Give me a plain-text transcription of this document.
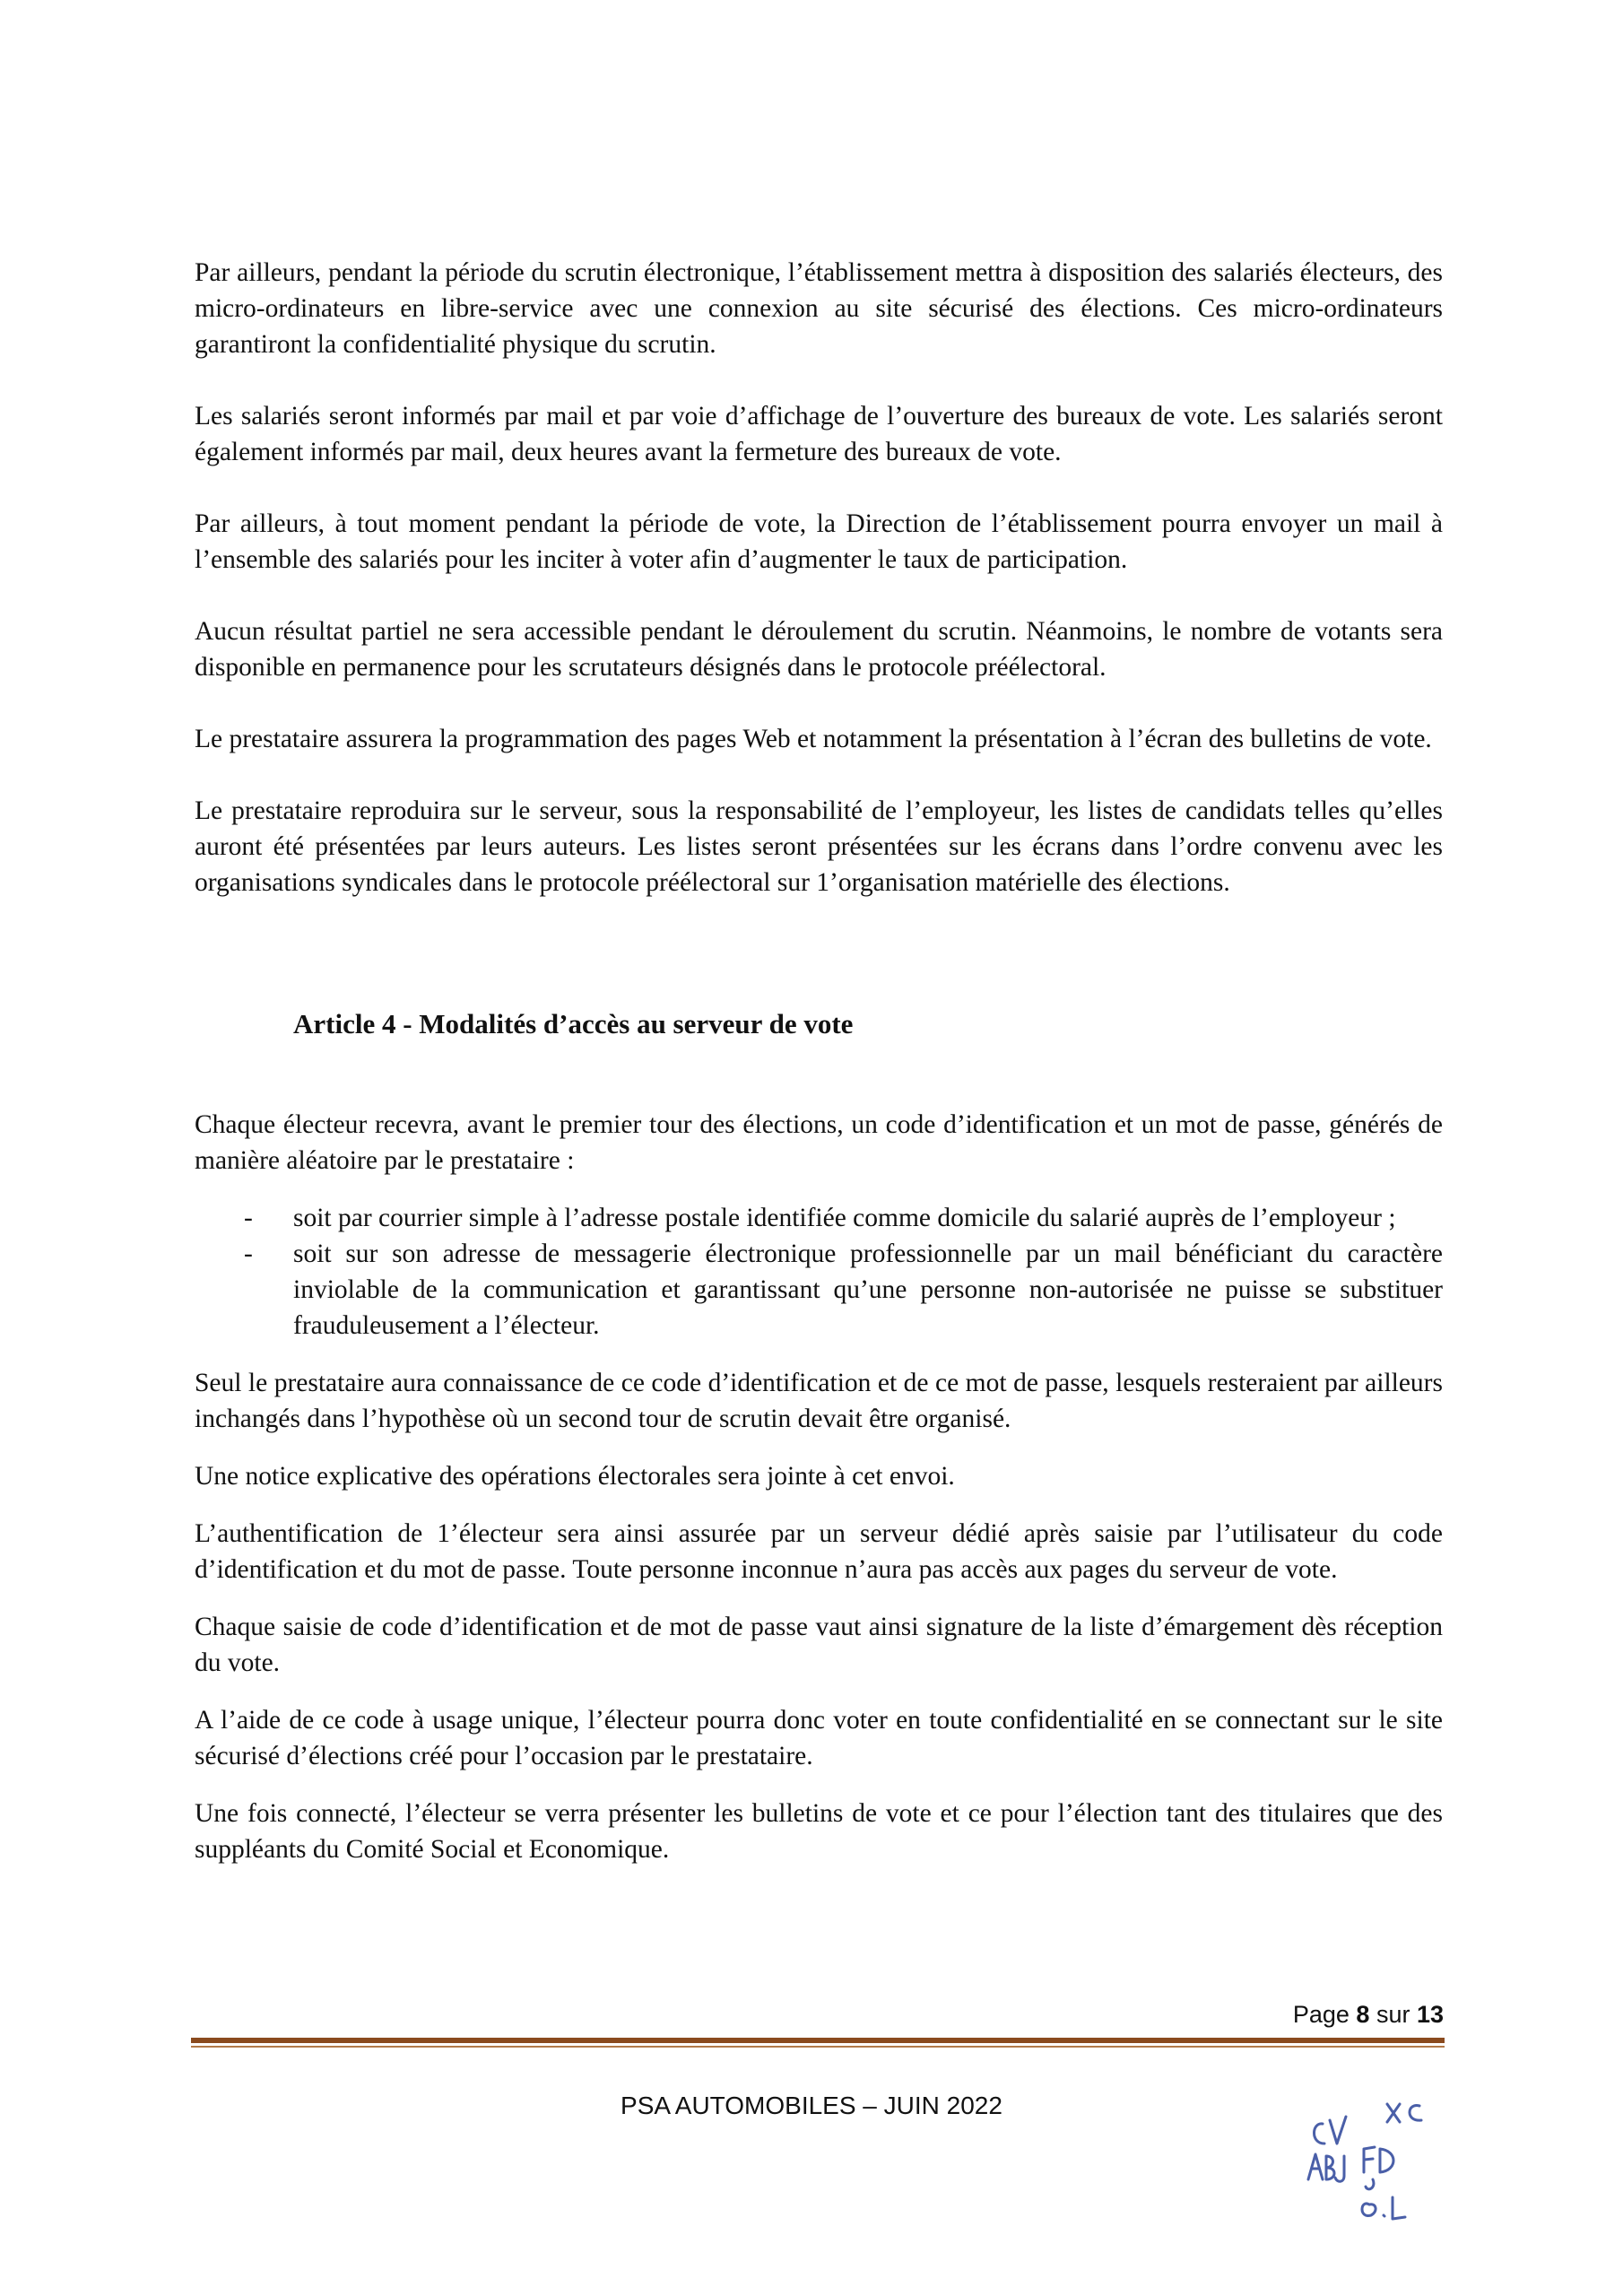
Par ailleurs, pendant la période du scrutin électronique, l’établissement mettra à disposition des salariés électeurs, des micro-ordinateurs en libre-service avec une connexion au site sécurisé des élections. Ces micro-ordinateurs garantiront la confidentialité physique du scrutin.

Les salariés seront informés par mail et par voie d’affichage de l’ouverture des bureaux de vote. Les salariés seront également informés par mail, deux heures avant la fermeture des bureaux de vote.

Par ailleurs, à tout moment pendant la période de vote, la Direction de l’établissement pourra envoyer un mail à l’ensemble des salariés pour les inciter à voter afin d’augmenter le taux de participation.

Aucun résultat partiel ne sera accessible pendant le déroulement du scrutin. Néanmoins, le nombre de votants sera disponible en permanence pour les scrutateurs désignés dans le protocole préélectoral.

Le prestataire assurera la programmation des pages Web et notamment la présentation à l’écran des bulletins de vote.

Le prestataire reproduira sur le serveur, sous la responsabilité de l’employeur, les listes de candidats telles qu’elles auront été présentées par leurs auteurs. Les listes seront présentées sur les écrans dans l’ordre convenu avec les organisations syndicales dans le protocole préélectoral sur 1’organisation matérielle des élections.

Article 4 - Modalités d’accès au serveur de vote

Chaque électeur recevra, avant le premier tour des élections, un code d’identification et un mot de passe, générés de manière aléatoire par le prestataire :

- soit par courrier simple à l’adresse postale identifiée comme domicile du salarié auprès de l’employeur ;
- soit sur son adresse de messagerie électronique professionnelle par un mail bénéficiant du caractère inviolable de la communication et garantissant qu’une personne non-autorisée ne puisse se substituer frauduleusement a l’électeur.

Seul le prestataire aura connaissance de ce code d’identification et de ce mot de passe, lesquels resteraient par ailleurs inchangés dans l’hypothèse où un second tour de scrutin devait être organisé.

Une notice explicative des opérations électorales sera jointe à cet envoi.

L’authentification de 1’électeur sera ainsi assurée par un serveur dédié après saisie par l’utilisateur du code d’identification et du mot de passe. Toute personne inconnue n’aura pas accès aux pages du serveur de vote.

Chaque saisie de code d’identification et de mot de passe vaut ainsi signature de la liste d’émargement dès réception du vote.

A l’aide de ce code à usage unique, l’électeur pourra donc voter en toute confidentialité en se connectant sur le site sécurisé d’élections créé pour l’occasion par le prestataire.

Une fois connecté, l’électeur se verra présenter les bulletins de vote et ce pour l’élection tant des titulaires que des suppléants du Comité Social et Economique.

Page 8 sur 13
PSA AUTOMOBILES – JUIN 2022
